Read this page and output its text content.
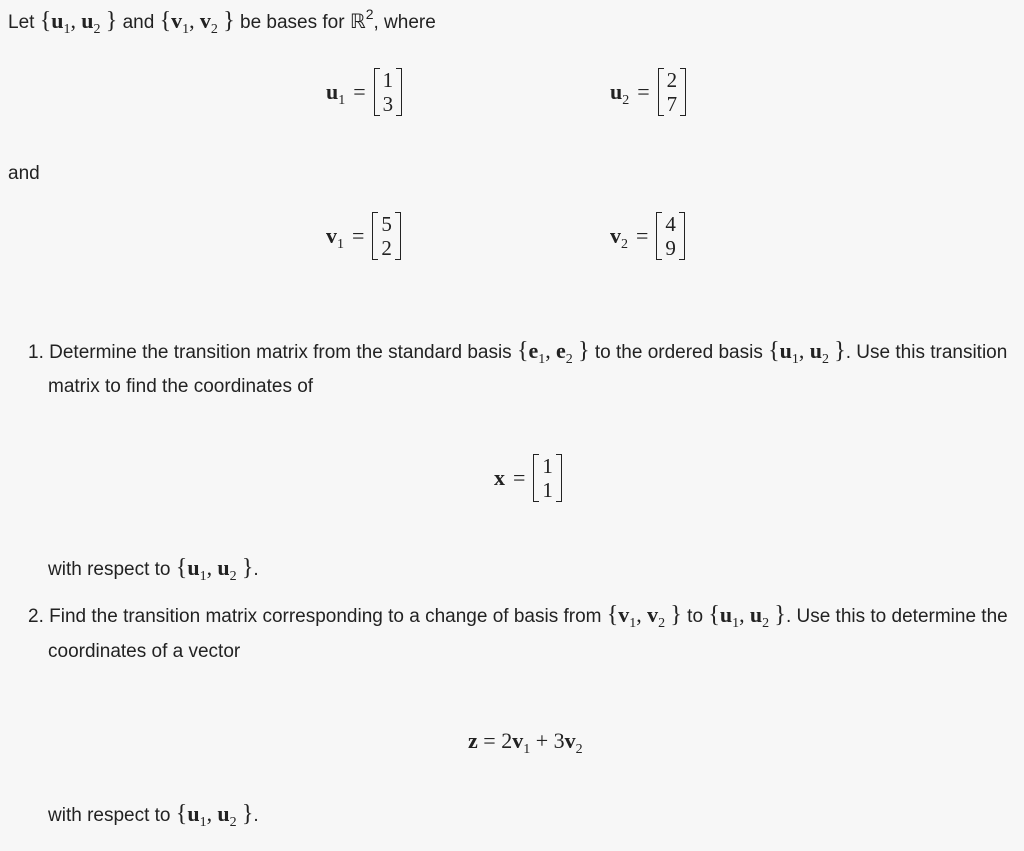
Let {$u_1$, $u_2$ } and {$v_1$, $v_2$ } be bases for ℝ$^2$, where
$u_1 = 1$
3	$u_2 = 2$
7
and
$v_1 = 5$
2	$v_2 = 4$
9
1. Determine the transition matrix from the standard basis {$e_1$, $e_2$ } to the ordered basis {$u_1$, $u_2$ }. Use this transition
matrix to find the coordinates of
x = 1
1
with respect to {$u_1$, $u_2$ }.
2. Find the transition matrix corresponding to a change of basis from {$v_1$, $v_2$ } to {$u_1$, $u_2$ }. Use this to determine the
coordinates of a vector
$z = 2v_1 + 3v_2$
with respect to {$u_1$, $u_2$ }.
